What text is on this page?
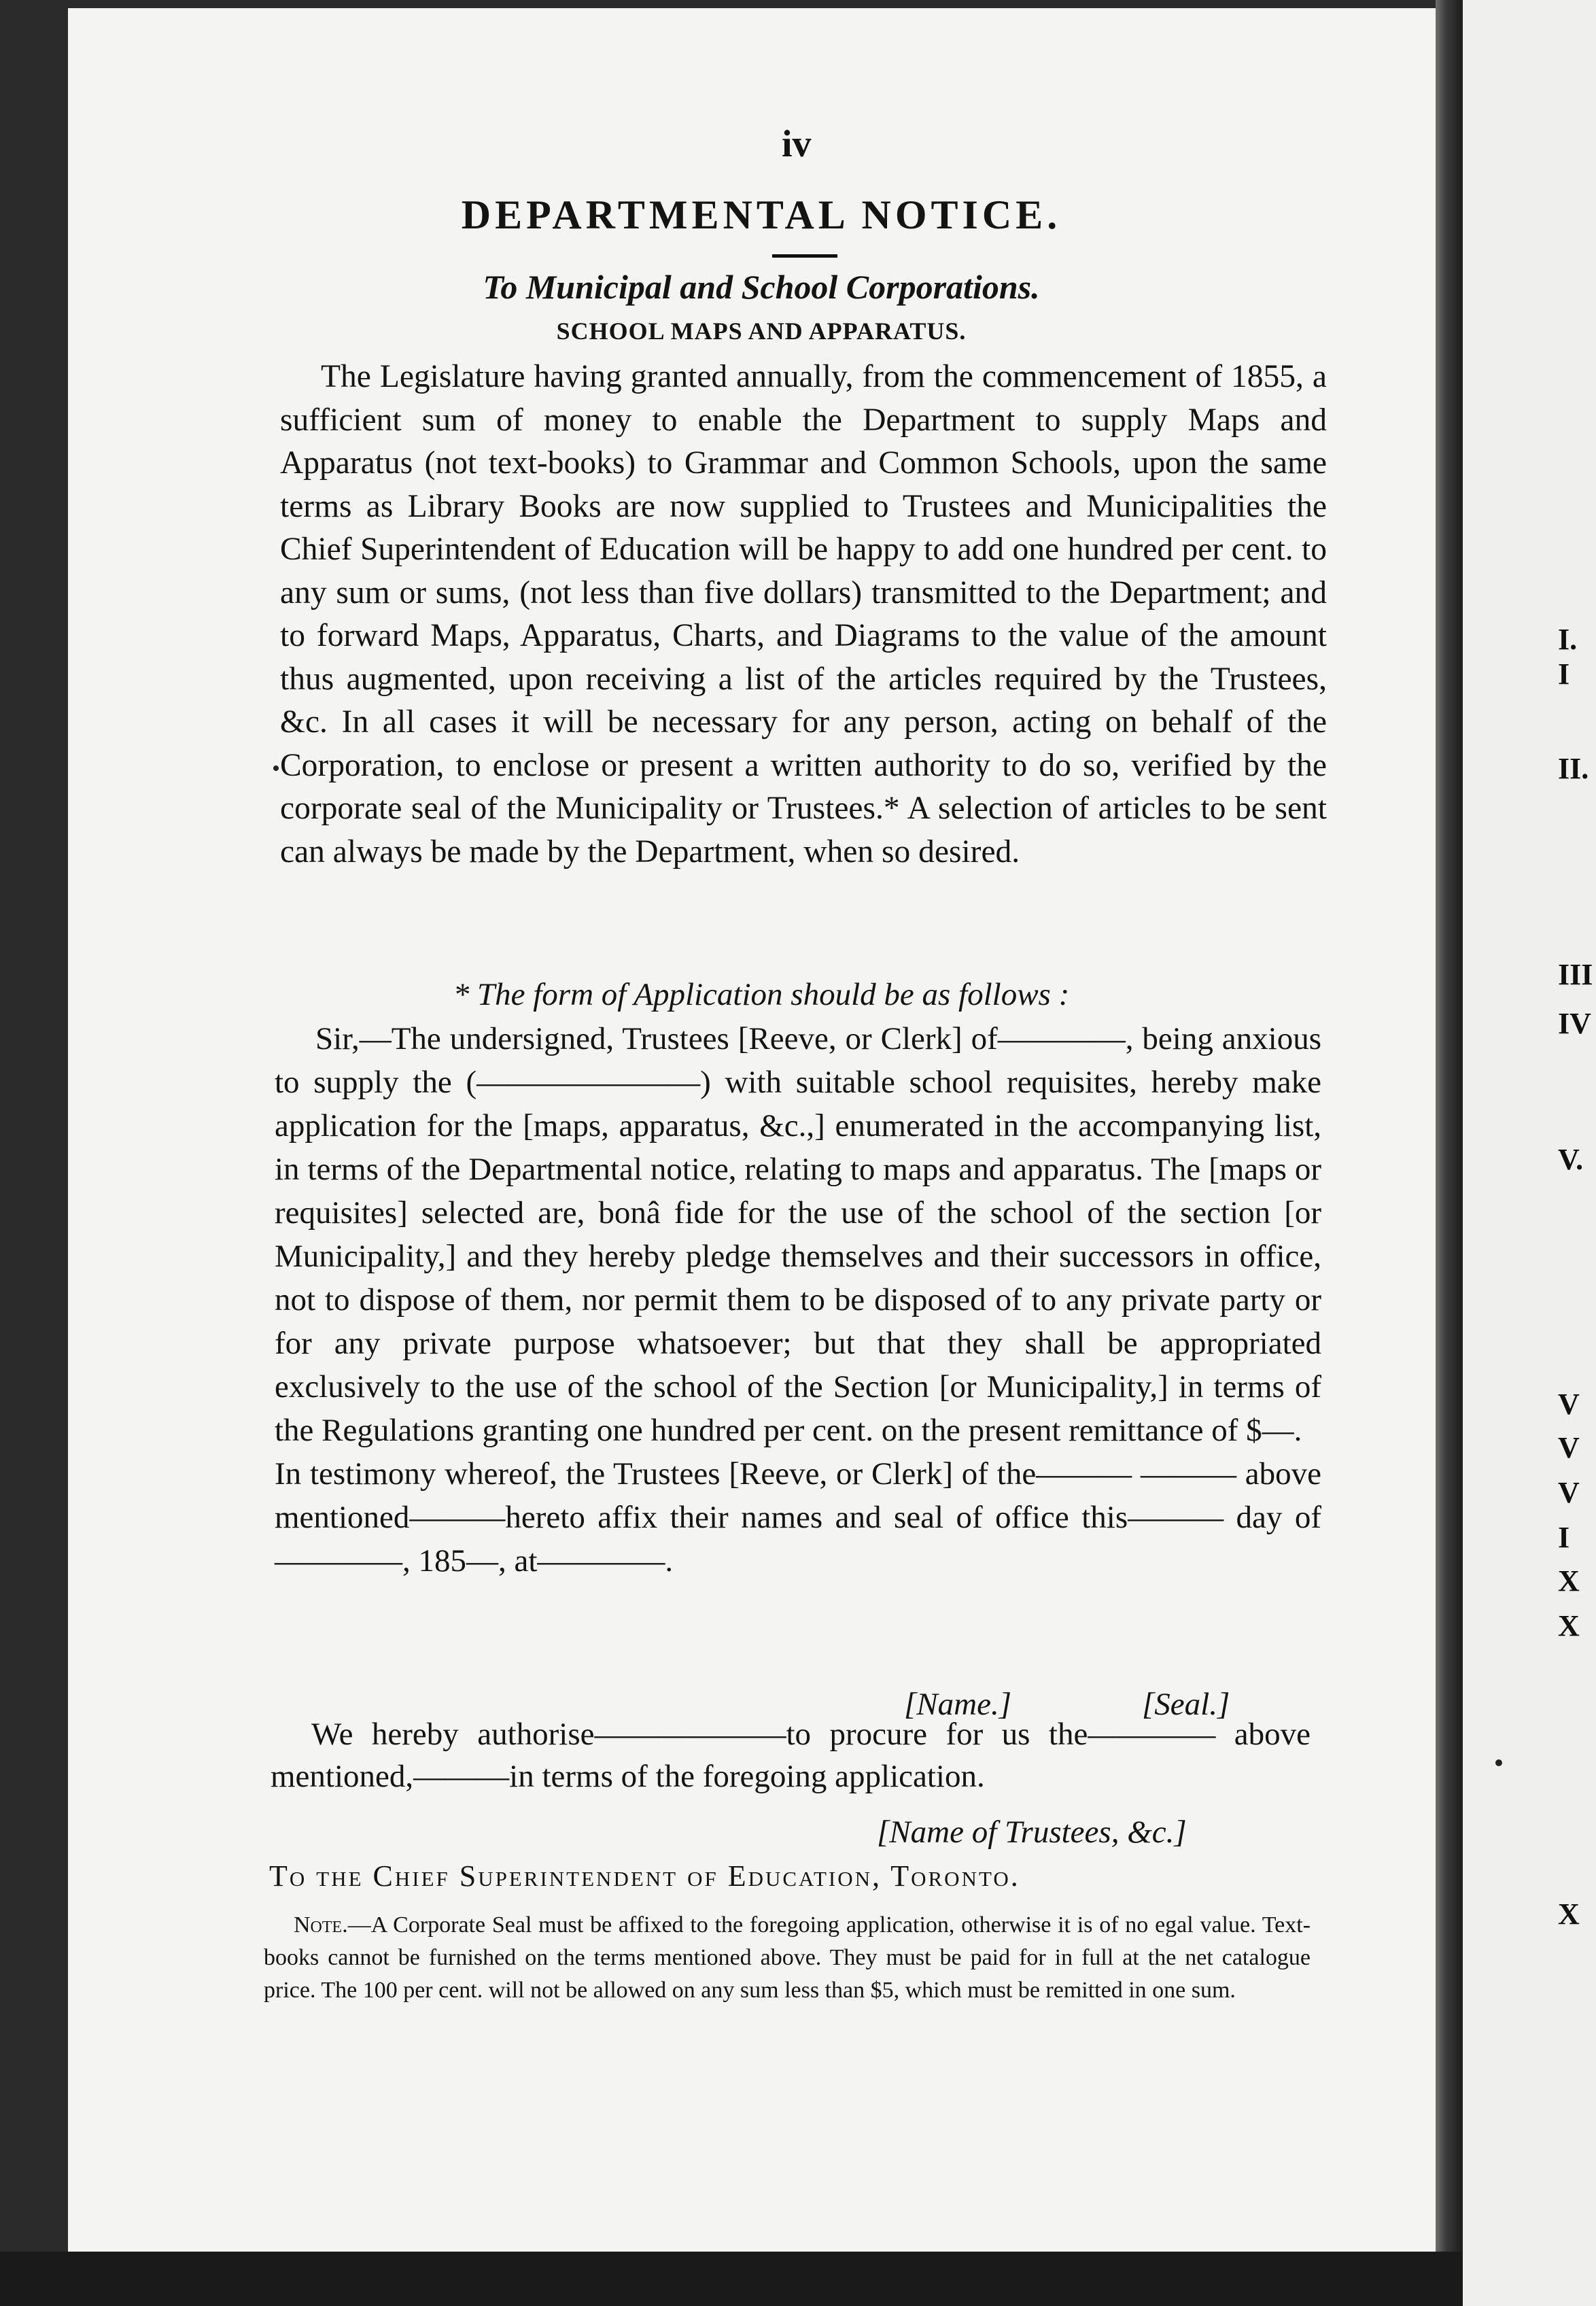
I. I
II.
III
IV
V.
V
V
V
I
X
X
X
iv
DEPARTMENTAL NOTICE.
To Municipal and School Corporations.
SCHOOL MAPS AND APPARATUS.
The Legislature having granted annually, from the commencement of 1855, a sufficient sum of money to enable the Department to supply Maps and Apparatus (not text-books) to Grammar and Common Schools, upon the same terms as Library Books are now supplied to Trustees and Municipalities the Chief Superintendent of Education will be happy to add one hundred per cent. to any sum or sums, (not less than five dollars) transmitted to the Department; and to forward Maps, Apparatus, Charts, and Diagrams to the value of the amount thus augmented, upon receiving a list of the articles required by the Trustees, &c. In all cases it will be necessary for any person, acting on behalf of the Corporation, to enclose or present a written authority to do so, verified by the corporate seal of the Municipality or Trustees.* A selection of articles to be sent can always be made by the Department, when so desired.
* The form of Application should be as follows :
Sir,—The undersigned, Trustees [Reeve, or Clerk] of————, being anxious to supply the (———————) with suitable school requisites, hereby make application for the [maps, apparatus, &c.,] enumerated in the accompanying list, in terms of the Departmental notice, relating to maps and apparatus. The [maps or requisites] selected are, bonâ fide for the use of the school of the section [or Municipality,] and they hereby pledge themselves and their successors in office, not to dispose of them, nor permit them to be disposed of to any private party or for any private purpose whatsoever; but that they shall be appropriated exclusively to the use of the school of the Section [or Municipality,] in terms of the Regulations granting one hundred per cent. on the present remittance of $—.
In testimony whereof, the Trustees [Reeve, or Clerk] of the——— ——— above mentioned———hereto affix their names and seal of office this——— day of————, 185—, at————.
[Name.]	[Seal.]
We hereby authorise——————to procure for us the———— above mentioned,———in terms of the foregoing application.
[Name of Trustees, &c.]
To the Chief Superintendent of Education, Toronto.
Note.—A Corporate Seal must be affixed to the foregoing application, otherwise it is of no egal value. Text-books cannot be furnished on the terms mentioned above. They must be paid for in full at the net catalogue price. The 100 per cent. will not be allowed on any sum less than $5, which must be remitted in one sum.
